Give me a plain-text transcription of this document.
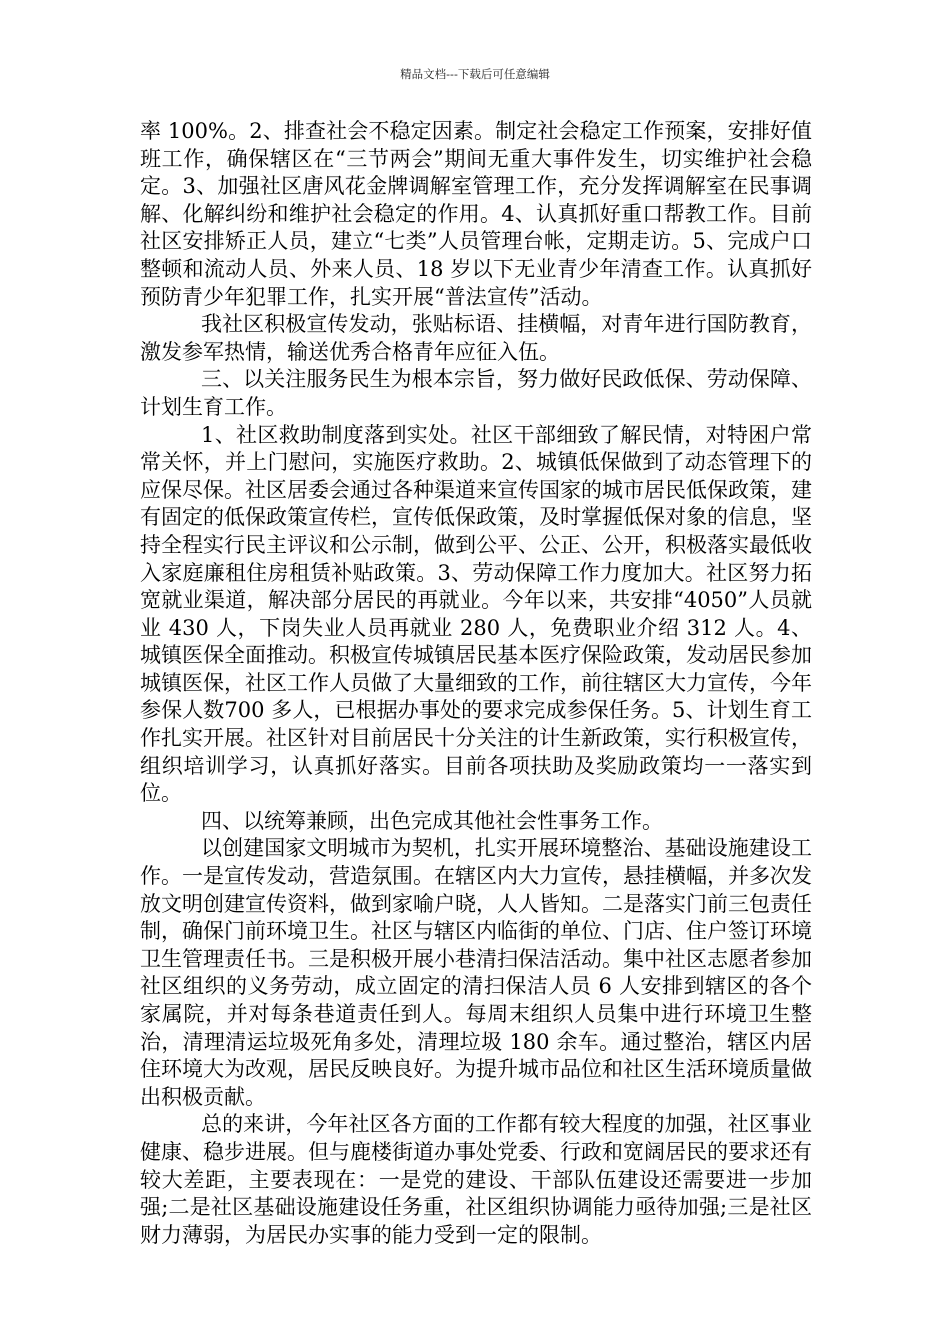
精品文档---下载后可任意编辑

率 100%。2、排查社会不稳定因素。制定社会稳定工作预案，安排好值班工作，确保辖区在“三节两会”期间无重大事件发生，切实维护社会稳定。3、加强社区唐风花金牌调解室管理工作，充分发挥调解室在民事调解、化解纠纷和维护社会稳定的作用。4、认真抓好重口帮教工作。目前社区安排矫正人员，建立“七类”人员管理台帐，定期走访。5、完成户口整顿和流动人员、外来人员、18 岁以下无业青少年清查工作。认真抓好预防青少年犯罪工作，扎实开展“普法宣传”活动。

我社区积极宣传发动，张贴标语、挂横幅，对青年进行国防教育，激发参军热情，输送优秀合格青年应征入伍。

三、以关注服务民生为根本宗旨，努力做好民政低保、劳动保障、计划生育工作。

1、社区救助制度落到实处。社区干部细致了解民情，对特困户常常关怀，并上门慰问，实施医疗救助。2、城镇低保做到了动态管理下的应保尽保。社区居委会通过各种渠道来宣传国家的城市居民低保政策，建有固定的低保政策宣传栏，宣传低保政策，及时掌握低保对象的信息，坚持全程实行民主评议和公示制，做到公平、公正、公开，积极落实最低收入家庭廉租住房租赁补贴政策。3、劳动保障工作力度加大。社区努力拓宽就业渠道，解决部分居民的再就业。今年以来，共安排“4050”人员就业 430 人，下岗失业人员再就业 280 人，免费职业介绍 312 人。4、城镇医保全面推动。积极宣传城镇居民基本医疗保险政策，发动居民参加城镇医保，社区工作人员做了大量细致的工作，前往辖区大力宣传，今年参保人数700 多人，已根据办事处的要求完成参保任务。5、计划生育工作扎实开展。社区针对目前居民十分关注的计生新政策，实行积极宣传，组织培训学习，认真抓好落实。目前各项扶助及奖励政策均一一落实到位。

四、以统筹兼顾，出色完成其他社会性事务工作。

以创建国家文明城市为契机，扎实开展环境整治、基础设施建设工作。一是宣传发动，营造氛围。在辖区内大力宣传，悬挂横幅，并多次发放文明创建宣传资料，做到家喻户晓，人人皆知。二是落实门前三包责任制，确保门前环境卫生。社区与辖区内临街的单位、门店、住户签订环境卫生管理责任书。三是积极开展小巷清扫保洁活动。集中社区志愿者参加社区组织的义务劳动，成立固定的清扫保洁人员 6 人安排到辖区的各个家属院，并对每条巷道责任到人。每周末组织人员集中进行环境卫生整治，清理清运垃圾死角多处，清理垃圾 180 余车。通过整治，辖区内居住环境大为改观，居民反映良好。为提升城市品位和社区生活环境质量做出积极贡献。

总的来讲，今年社区各方面的工作都有较大程度的加强，社区事业健康、稳步进展。但与鹿楼街道办事处党委、行政和宽阔居民的要求还有较大差距，主要表现在：一是党的建设、干部队伍建设还需要进一步加强;二是社区基础设施建设任务重，社区组织协调能力亟待加强;三是社区财力薄弱，为居民办实事的能力受到一定的限制。
